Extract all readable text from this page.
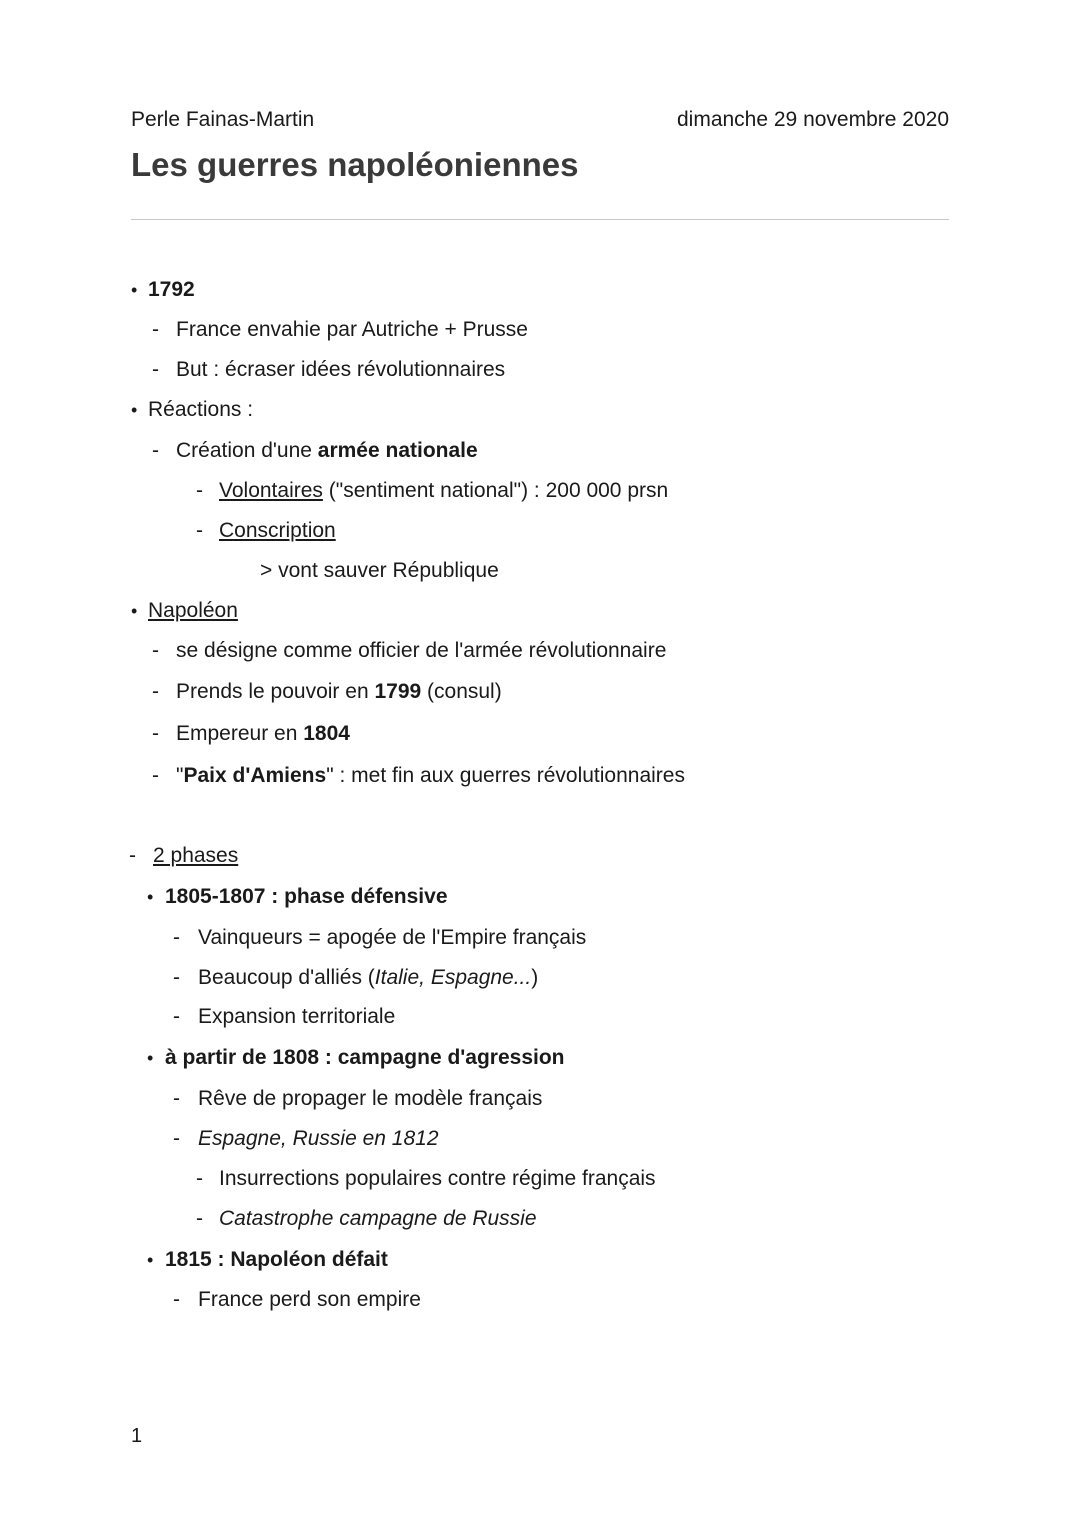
Perle Fainas-Martin	dimanche 29 novembre 2020
Les guerres napoléoniennes
• 1792
- France envahie par Autriche + Prusse
- But : écraser idées révolutionnaires
• Réactions :
- Création d'une armée nationale
- Volontaires ("sentiment national") : 200 000 prsn
- Conscription
> vont sauver République
• Napoléon
- se désigne comme officier de l'armée révolutionnaire
- Prends le pouvoir en 1799 (consul)
- Empereur en 1804
- "Paix d'Amiens" : met fin aux guerres révolutionnaires
- 2 phases
• 1805-1807 : phase défensive
- Vainqueurs = apogée de l'Empire français
- Beaucoup d'alliés (Italie, Espagne...)
- Expansion territoriale
• à partir de 1808 : campagne d'agression
- Rêve de propager le modèle français
- Espagne, Russie en 1812
- Insurrections populaires contre régime français
- Catastrophe campagne de Russie
• 1815 : Napoléon défait
- France perd son empire
1
